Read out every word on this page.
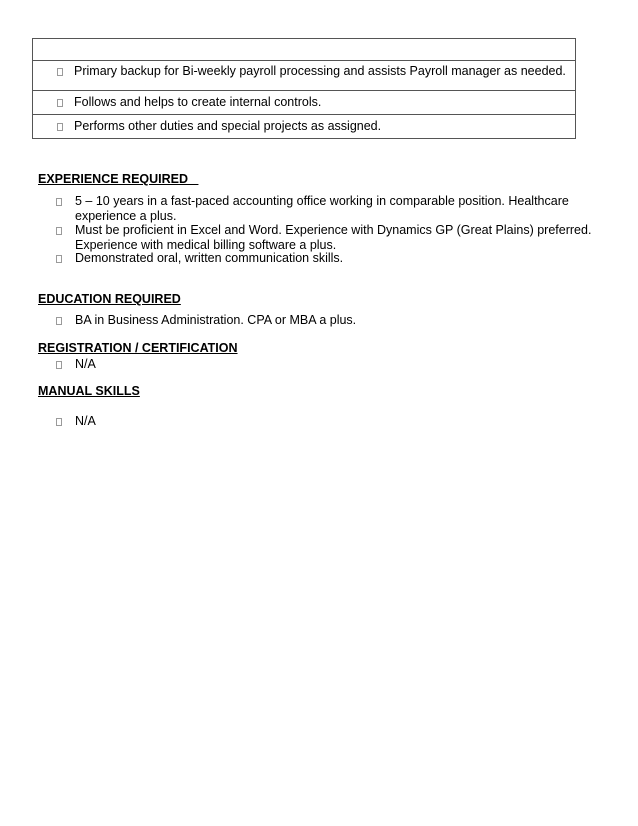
Primary backup for Bi-weekly payroll processing and assists Payroll manager as needed.
Follows and helps to create internal controls.
Performs other duties and special projects as assigned.
EXPERIENCE REQUIRED
5 – 10 years in a fast-paced accounting office working in comparable position. Healthcare
experience a plus.
Must be proficient in Excel and Word. Experience with Dynamics GP (Great Plains) preferred.
Experience with medical billing software a plus.
Demonstrated oral, written communication skills.
EDUCATION REQUIRED
BA in Business Administration. CPA or MBA a plus.
REGISTRATION / CERTIFICATION
N/A
MANUAL SKILLS
N/A
